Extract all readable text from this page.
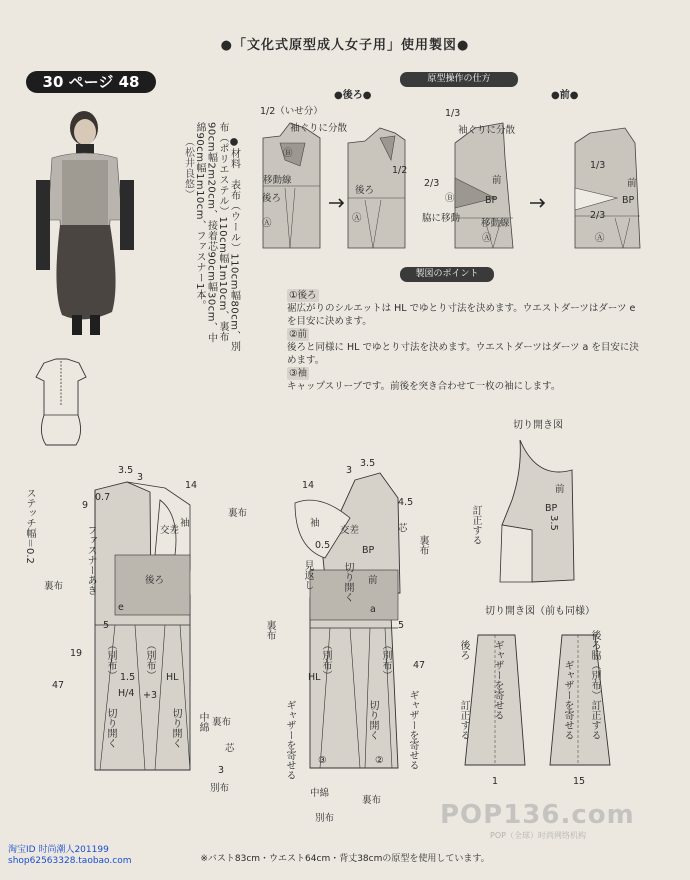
●「文化式原型成人女子用」使用製図●
30 ページ 48

●材料　表布（ウール）110cm幅80cm、別布（ポリエステル）110cm幅1m10cm、裏布90cm幅2m20cm、接着芯90cm幅30cm、中綿90cm幅1m10cm、ファスナー1本。
（松井良悠）

原型操作の仕方
●後ろ●	●前●
1/2（いせ分）
袖ぐりに分散
Ⓑ
移動線
後ろ
Ⓐ
1/2
後ろ
Ⓐ
1/3
袖ぐりに分散
2/3
脇に移動
Ⓑ
前
BP
移動線
Ⓐ
1/3
前
BP
2/3
Ⓐ
製図のポイント
①後ろ
裾広がりのシルエットは HL でゆとり寸法を決めます。ウエストダーツはダーツ e を目安に決めます。
②前
後ろと同様に HL でゆとり寸法を決めます。ウエストダーツはダーツ a を目安に決めます。
③袖
キャップスリーブです。前後を突き合わせて一枚の袖にします。
ステッチ幅＝0.2
3.5
3
14
0.7
9
袖
裏布
交差
後ろ
ファスナーあき
裏布
e
5
19
47
（別布）	（別布） HL
1.5
H/4 +3
切り開く	切り開く 中綿 裏布
芯
3
別布
3
3.5
14
4.5
袖
0.5
交差	芯
裏布
BP
見返し	前
切り開く
a
裏布	5
47
（別布）	（別布）
ギャザーを寄せる	ギャザーを寄せる
HL
切り開く
③	②
中綿
裏布
別布
切り開き図
前
BP
3.5
訂正する
切り開き図（前も同様）
後ろ ギャザーを寄せる
訂正する
1
後ろ脇（別布）訂正する
ギャザーを寄せる
15
POP136.com
POP（全球）时尚网络机构
淘宝ID 时尚潮人201199
shop62563328.taobao.com	※バスト83cm・ウエスト64cm・背丈38cmの原型を使用しています。
